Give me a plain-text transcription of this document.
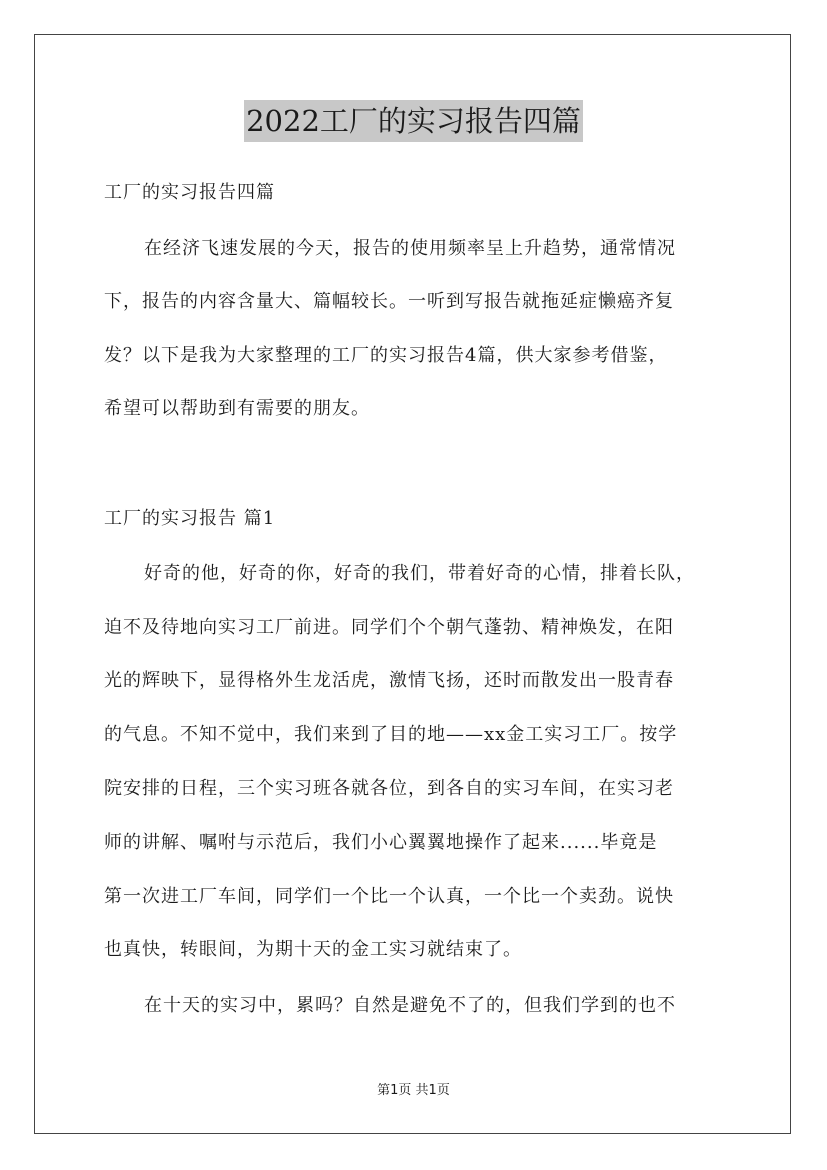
2022工厂的实习报告四篇
工厂的实习报告四篇
在经济飞速发展的今天，报告的使用频率呈上升趋势，通常情况
下，报告的内容含量大、篇幅较长。一听到写报告就拖延症懒癌齐复
发？以下是我为大家整理的工厂的实习报告4篇，供大家参考借鉴，
希望可以帮助到有需要的朋友。
工厂的实习报告 篇1
好奇的他，好奇的你，好奇的我们，带着好奇的心情，排着长队，
迫不及待地向实习工厂前进。同学们个个朝气蓬勃、精神焕发，在阳
光的辉映下，显得格外生龙活虎，激情飞扬，还时而散发出一股青春
的气息。不知不觉中，我们来到了目的地——xx金工实习工厂。按学
院安排的日程，三个实习班各就各位，到各自的实习车间，在实习老
师的讲解、嘱咐与示范后，我们小心翼翼地操作了起来......毕竟是
第一次进工厂车间，同学们一个比一个认真，一个比一个卖劲。说快
也真快，转眼间，为期十天的金工实习就结束了。
在十天的实习中，累吗？自然是避免不了的，但我们学到的也不
第1页 共1页
